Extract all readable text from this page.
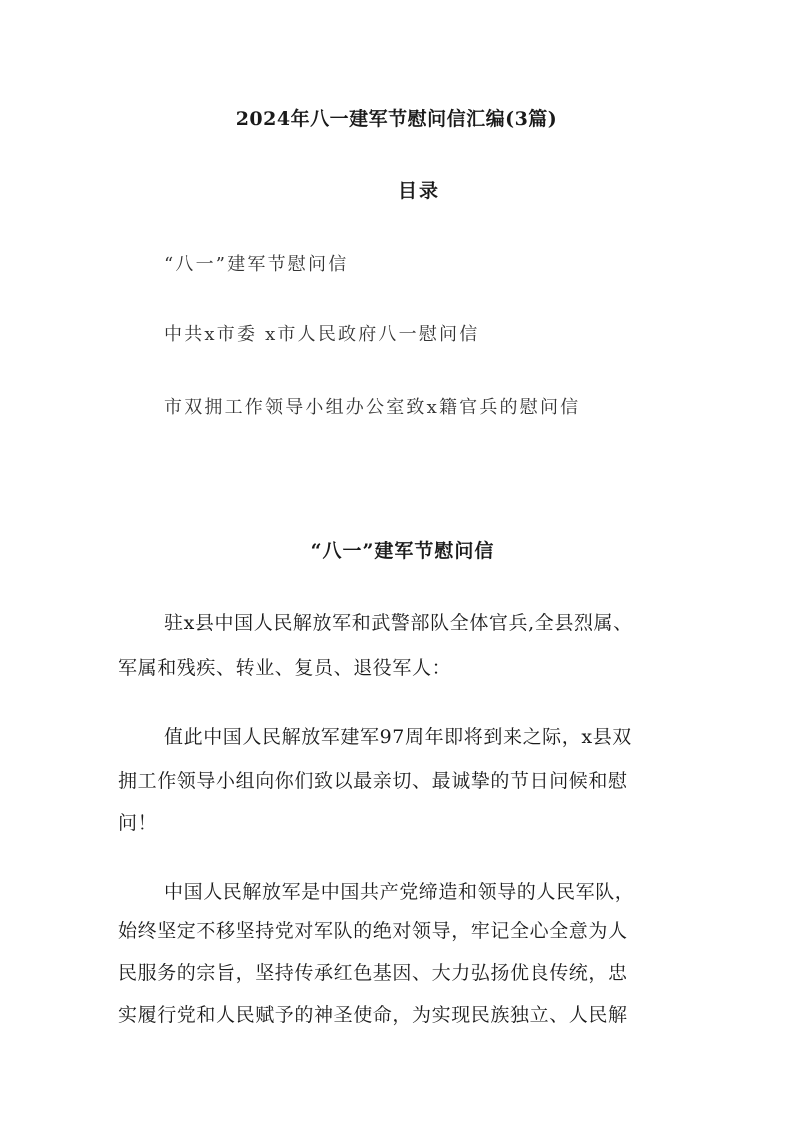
2024年八一建军节慰问信汇编(3篇)
目录
“八一”建军节慰问信
中共x市委 x市人民政府八一慰问信
市双拥工作领导小组办公室致x籍官兵的慰问信
“八一”建军节慰问信
驻x县中国人民解放军和武警部队全体官兵,全县烈属、
军属和残疾、转业、复员、退役军人：
值此中国人民解放军建军97周年即将到来之际，x县双
拥工作领导小组向你们致以最亲切、最诚挚的节日问候和慰
问！
中国人民解放军是中国共产党缔造和领导的人民军队，
始终坚定不移坚持党对军队的绝对领导，牢记全心全意为人
民服务的宗旨，坚持传承红色基因、大力弘扬优良传统，忠
实履行党和人民赋予的神圣使命，为实现民族独立、人民解
